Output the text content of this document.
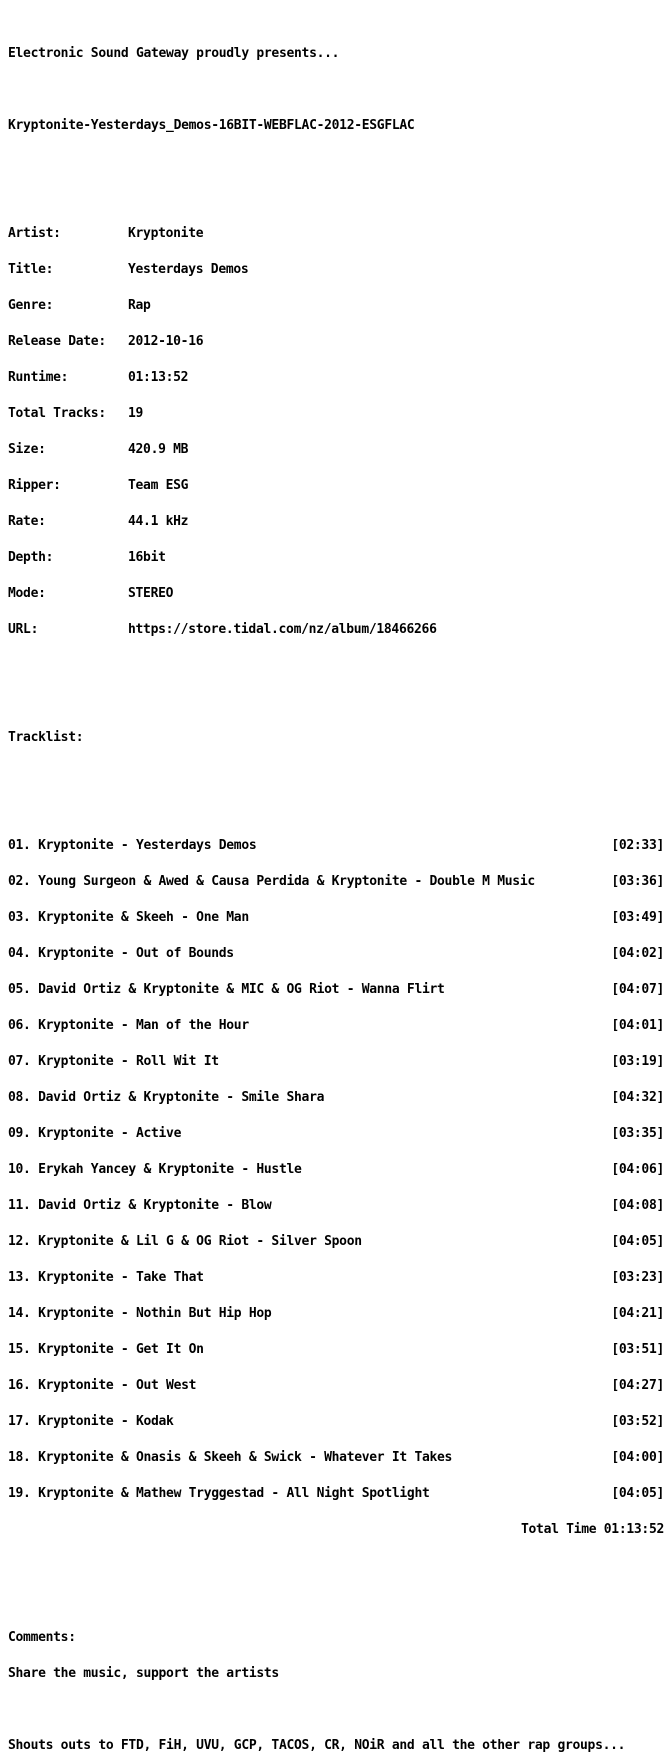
Electronic Sound Gateway proudly presents...

Kryptonite-Yesterdays_Demos-16BIT-WEBFLAC-2012-ESGFLAC

Artist:	Kryptonite

Title:	Yesterdays Demos

Genre:	Rap

Release Date:	2012-10-16

Runtime:	01:13:52

Total Tracks:	19

Size:	420.9 MB

Ripper:	Team ESG

Rate:	44.1 kHz

Depth:	16bit

Mode:	STEREO

URL:	https://store.tidal.com/nz/album/18466266

Tracklist:

01. Kryptonite - Yesterdays Demos	[02:33]

02. Young Surgeon & Awed & Causa Perdida & Kryptonite - Double M Music	[03:36]

03. Kryptonite & Skeeh - One Man	[03:49]

04. Kryptonite - Out of Bounds	[04:02]

05. David Ortiz & Kryptonite & MIC & OG Riot - Wanna Flirt	[04:07]

06. Kryptonite - Man of the Hour	[04:01]

07. Kryptonite - Roll Wit It	[03:19]

08. David Ortiz & Kryptonite - Smile Shara	[04:32]

09. Kryptonite - Active	[03:35]

10. Erykah Yancey & Kryptonite - Hustle	[04:06]

11. David Ortiz & Kryptonite - Blow	[04:08]

12. Kryptonite & Lil G & OG Riot - Silver Spoon	[04:05]

13. Kryptonite - Take That	[03:23]

14. Kryptonite - Nothin But Hip Hop	[04:21]

15. Kryptonite - Get It On	[03:51]

16. Kryptonite - Out West	[04:27]

17. Kryptonite - Kodak	[03:52]

18. Kryptonite & Onasis & Skeeh & Swick - Whatever It Takes	[04:00]

19. Kryptonite & Mathew Tryggestad - All Night Spotlight	[04:05]

Total Time 01:13:52

Comments:

Share the music, support the artists

Shouts outs to FTD, FiH, UVU, GCP, TACOS, CR, NOiR and all the other rap groups...
